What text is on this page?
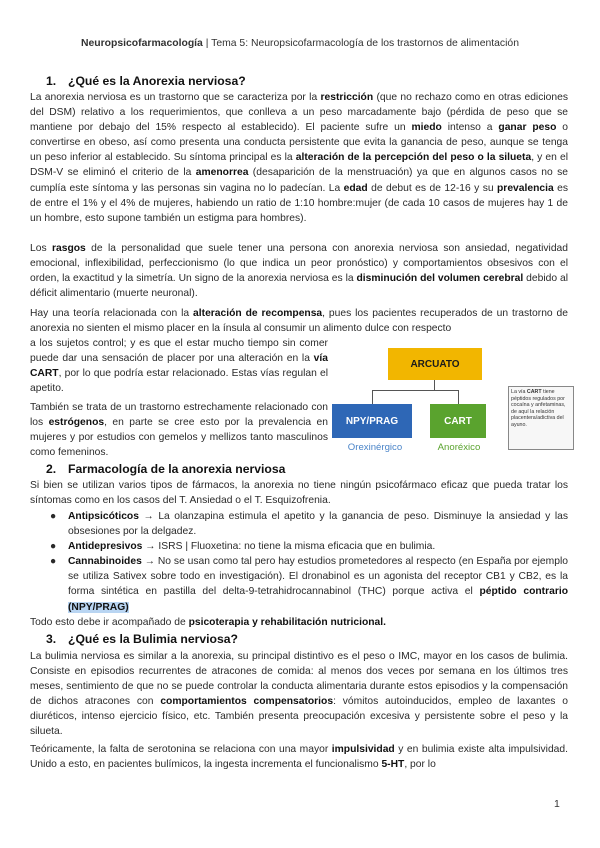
Neuropsicofarmacología | Tema 5: Neuropsicofarmacología de los trastornos de alimentación
1. ¿Qué es la Anorexia nerviosa?
La anorexia nerviosa es un trastorno que se caracteriza por la restricción (que no rechazo como en otras ediciones del DSM) relativo a los requerimientos, que conlleva a un peso marcadamente bajo (pérdida de peso que se mantiene por debajo del 15% respecto al establecido). El paciente sufre un miedo intenso a ganar peso o convertirse en obeso, así como presenta una conducta persistente que evita la ganancia de peso, aunque se tenga un peso inferior al establecido. Su síntoma principal es la alteración de la percepción del peso o la silueta, y en el DSM-V se eliminó el criterio de la amenorrea (desaparición de la menstruación) ya que en algunos casos no se cumplía este síntoma y las personas sin vagina no lo padecían. La edad de debut es de 12-16 y su prevalencia es de entre el 1% y el 4% de mujeres, habiendo un ratio de 1:10 hombre:mujer (de cada 10 casos de mujeres hay 1 de un hombre, esto supone también un estigma para hombres).
Los rasgos de la personalidad que suele tener una persona con anorexia nerviosa son ansiedad, negatividad emocional, inflexibilidad, perfeccionismo (lo que indica un peor pronóstico) y comportamientos obsesivos con el orden, la exactitud y la simetría. Un signo de la anorexia nerviosa es la disminución del volumen cerebral debido al déficit alimentario (muerte neuronal).
Hay una teoría relacionada con la alteración de recompensa, pues los pacientes recuperados de un trastorno de anorexia no sienten el mismo placer en la ínsula al consumir un alimento dulce con respecto
a los sujetos control; y es que el estar mucho tiempo sin comer puede dar una sensación de placer por una alteración en la vía CART, por lo que podría estar relacionado. Estas vías regulan el apetito.
También se trata de un trastorno estrechamente relacionado con los estrógenos, en parte se cree esto por la prevalencia en mujeres y por estudios con gemelos y mellizos tanto masculinos como femeninos.
ARCUATO
NPY/PRAG	CART
Orexinérgico	Anoréxico
La vía CART tiene péptidos regulados por cocaína y anfetaminas, de aquí la relación placentera/adictiva del ayuno.
2. Farmacología de la anorexia nerviosa
Si bien se utilizan varios tipos de fármacos, la anorexia no tiene ningún psicofármaco eficaz que pueda tratar los síntomas como en los casos del T. Ansiedad o el T. Esquizofrenia.
● Antipsicóticos → La olanzapina estimula el apetito y la ganancia de peso. Disminuye la ansiedad y las obsesiones por la delgadez.
● Antidepresivos → ISRS | Fluoxetina: no tiene la misma eficacia que en bulimia.
● Cannabinoides → No se usan como tal pero hay estudios prometedores al respecto (en España por ejemplo se utiliza Sativex sobre todo en investigación). El dronabinol es un agonista del receptor CB1 y CB2, es la forma sintética en pastilla del delta-9-tetrahidrocannabinol (THC) porque activa el péptido contrario (NPY/PRAG)
Todo esto debe ir acompañado de psicoterapia y rehabilitación nutricional.
3. ¿Qué es la Bulimia nerviosa?
La bulimia nerviosa es similar a la anorexia, su principal distintivo es el peso o IMC, mayor en los casos de bulimia. Consiste en episodios recurrentes de atracones de comida: al menos dos veces por semana en los últimos tres meses, sentimiento de que no se puede controlar la conducta alimentaria durante estos episodios y la compensación de dichos atracones con comportamientos compensatorios: vómitos autoinducidos, empleo de laxantes o diuréticos, intenso ejercicio físico, etc. También presenta preocupación excesiva y persistente sobre el peso y la silueta.
Teóricamente, la falta de serotonina se relaciona con una mayor impulsividad y en bulimia existe alta impulsividad. Unido a esto, en pacientes bulímicos, la ingesta incrementa el funcionalismo 5-HT, por lo
1
